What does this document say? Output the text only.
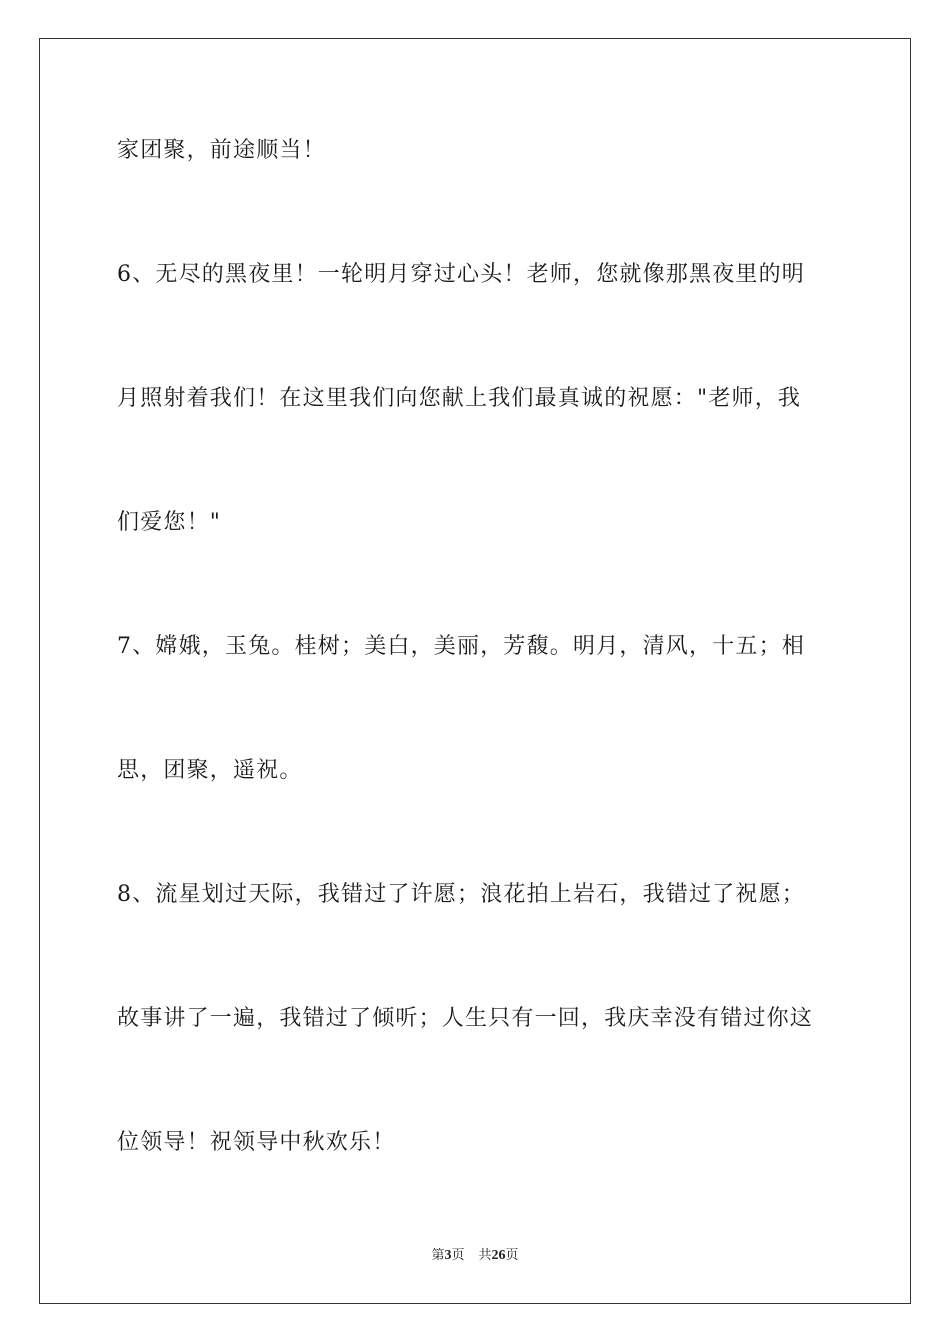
家团聚，前途顺当！
6、无尽的黑夜里！一轮明月穿过心头！老师，您就像那黑夜里的明
月照射着我们！在这里我们向您献上我们最真诚的祝愿："老师，我
们爱您！"
7、嫦娥，玉兔。桂树；美白，美丽，芳馥。明月，清风，十五；相
思，团聚，遥祝。
8、流星划过天际，我错过了许愿；浪花拍上岩石，我错过了祝愿；
故事讲了一遍，我错过了倾听；人生只有一回，我庆幸没有错过你这
位领导！祝领导中秋欢乐！
第3页 共26页
